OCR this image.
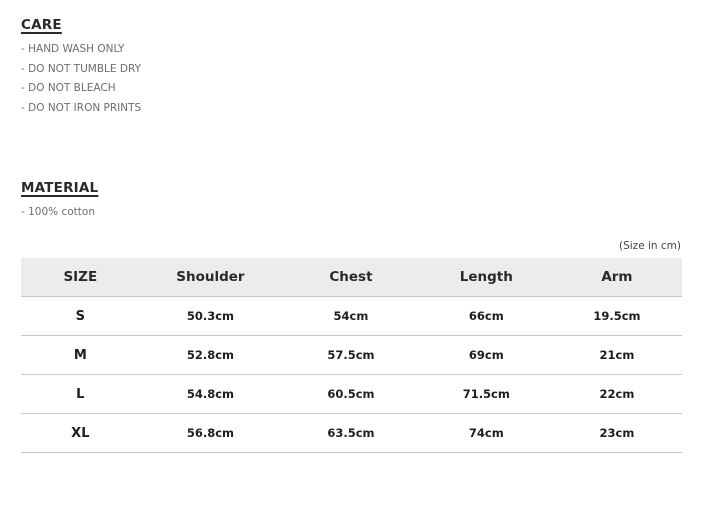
CARE
- HAND WASH ONLY
- DO NOT TUMBLE DRY
- DO NOT BLEACH
- DO NOT IRON PRINTS
MATERIAL
- 100% cotton
(Size in cm)
SIZE	Shoulder	Chest	Length	Arm
S	50.3cm	54cm	66cm	19.5cm
M	52.8cm	57.5cm	69cm	21cm
L	54.8cm	60.5cm	71.5cm	22cm
XL	56.8cm	63.5cm	74cm	23cm
